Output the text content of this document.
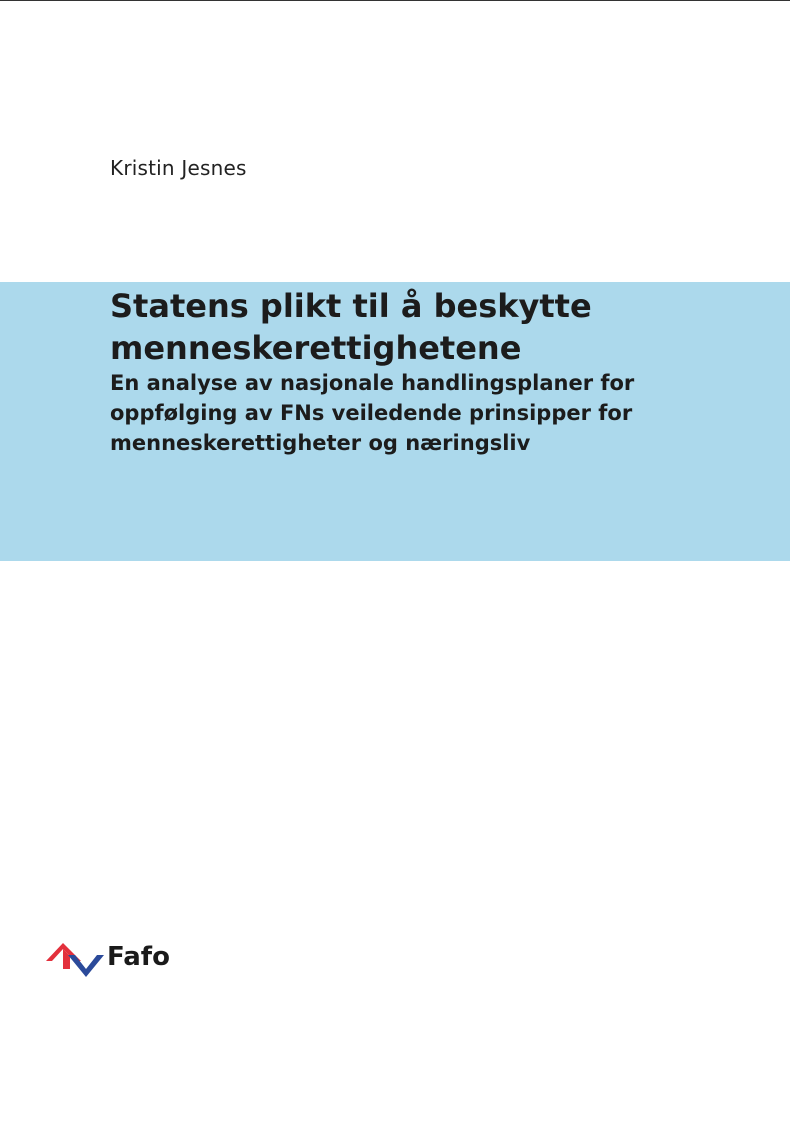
Kristin Jesnes
Statens plikt til å beskytte
menneskerettighetene
En analyse av nasjonale handlingsplaner for
oppfølging av FNs veiledende prinsipper for
menneskerettigheter og næringsliv
Fafo
